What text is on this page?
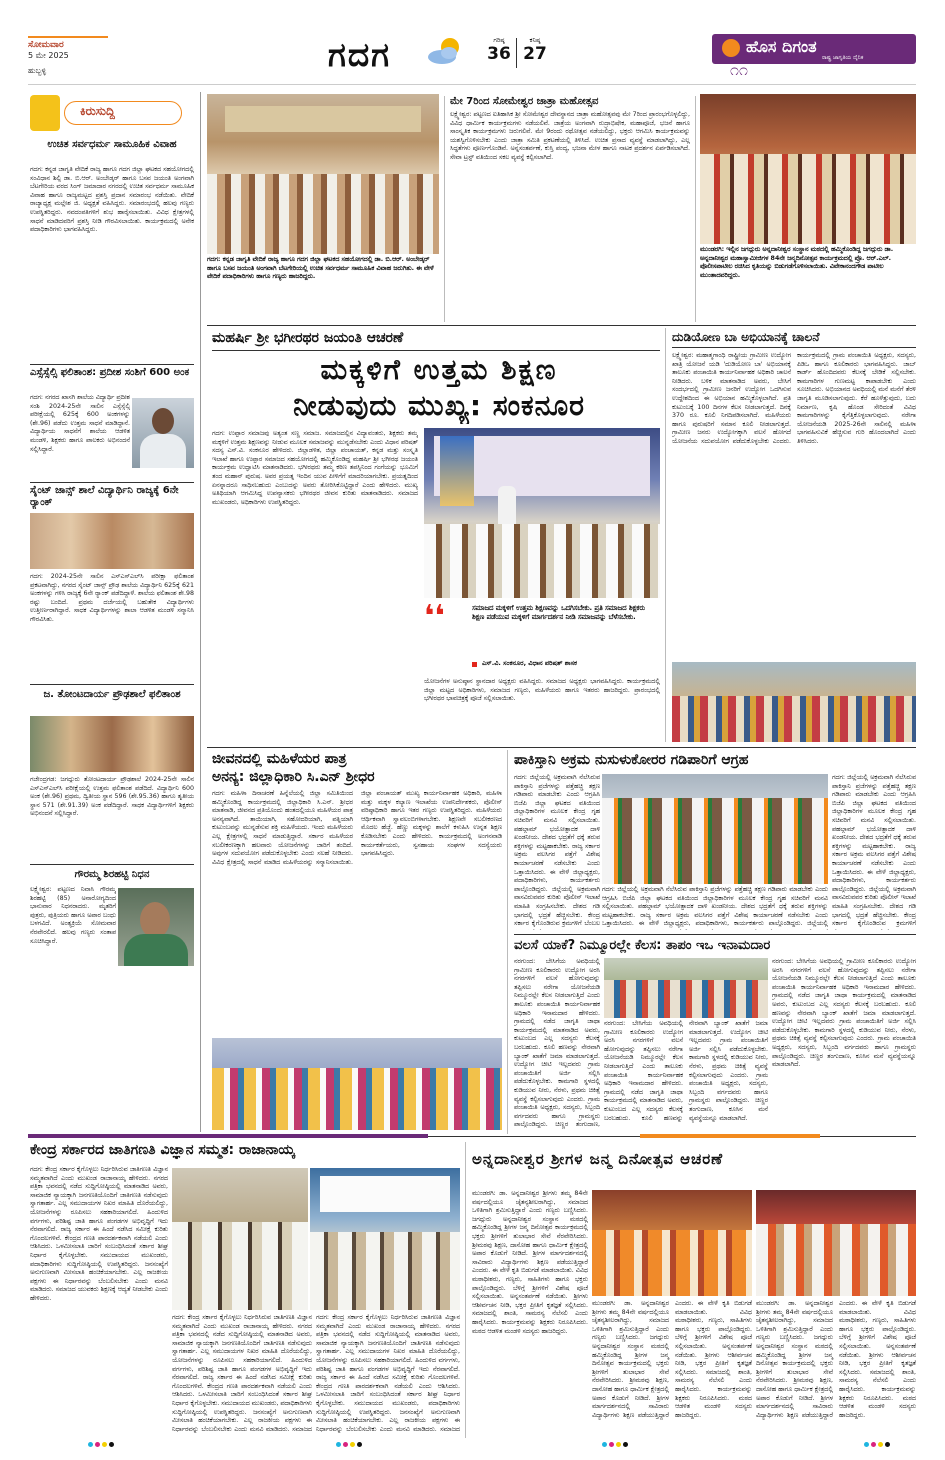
ಸೋಮವಾರ
5 ಮೇ 2025
ಹುಬ್ಬಳ್ಳಿ	ಗದಗ	ಗರಿಷ್ಠ
36
ಕನಿಷ್ಠ
27	ಹೊಸ ದಿಗಂತ
ರಾಷ್ಟ್ರ ಜಾಗೃತಿಯ ದೈನಿಕ
೧೧
ಕಿರುಸುದ್ದಿ
ಉಚಿತ ಸರ್ವಧರ್ಮ ಸಾಮೂಹಿಕ ವಿವಾಹ
ಗದಗ: ಕನ್ನಡ ಜಾಗೃತಿ ವೇದಿಕೆ ರಾಜ್ಯ ಹಾಗೂ ಗದಗ ಜಿಲ್ಲಾ ಘಟಕದ ಸಹಯೋಗದಲ್ಲಿ ಸಂವಿಧಾನ ಶಿಲ್ಪಿ ಡಾ. ಬಿ.ಆರ್. ಅಂಬೇಡ್ಕರ್ ಹಾಗೂ ಬಸವ ಜಯಂತಿ ಅಂಗವಾಗಿ ಬೆಟಗೇರಿಯ ವರದ ಸಿಂಗ್ ಜಮಾದಾರ ನಗರದಲ್ಲಿ ಉಚಿತ ಸರ್ವಧರ್ಮ ಸಾಮೂಹಿಕ ವಿವಾಹ ಹಾಗೂ ರಾಜ್ಯಮಟ್ಟದ ಪ್ರಶಸ್ತಿ ಪ್ರದಾನ ಸಮಾರಂಭ ನಡೆಯಿತು. ವೇದಿಕೆ ರಾಜ್ಯಾಧ್ಯಕ್ಷ ಮಲ್ಲೇಶ ಜಿ. ಅಧ್ಯಕ್ಷತೆ ವಹಿಸಿದ್ದರು. ಸಮಾರಂಭದಲ್ಲಿ ಹಲವು ಗಣ್ಯರು ಉಪಸ್ಥಿತರಿದ್ದರು. ನವದಂಪತಿಗಳಿಗೆ ಶುಭ ಹಾರೈಸಲಾಯಿತು. ವಿವಿಧ ಕ್ಷೇತ್ರಗಳಲ್ಲಿ ಸಾಧನೆ ಮಾಡಿದವರಿಗೆ ಪ್ರಶಸ್ತಿ ನೀಡಿ ಗೌರವಿಸಲಾಯಿತು. ಕಾರ್ಯಕ್ರಮದಲ್ಲಿ ಅನೇಕ ಪದಾಧಿಕಾರಿಗಳು ಭಾಗವಹಿಸಿದ್ದರು.
ಎಸ್ಸೆಸ್ಸೆಲ್ಸಿ ಫಲಿತಾಂಶ: ಪ್ರದೀಶ ಸಂಶಿಗೆ 600 ಅಂಕ
ಗದಗ: ನಗರದ ಖಾಸಗಿ ಶಾಲೆಯ ವಿದ್ಯಾರ್ಥಿ ಪ್ರದೀಶ ಸಂಶಿ 2024-25ನೇ ಸಾಲಿನ ಎಸ್ಸೆಸ್ಸೆಲ್ಸಿ ಪರೀಕ್ಷೆಯಲ್ಲಿ 625ಕ್ಕೆ 600 ಅಂಕಗಳನ್ನು (ಶೇ.96) ಪಡೆದು ಉತ್ತಮ ಸಾಧನೆ ಮಾಡಿದ್ದಾನೆ. ವಿದ್ಯಾರ್ಥಿಯ ಸಾಧನೆಗೆ ಶಾಲೆಯ ಆಡಳಿತ ಮಂಡಳಿ, ಶಿಕ್ಷಕರು ಹಾಗೂ ಪಾಲಕರು ಅಭಿನಂದನೆ ಸಲ್ಲಿಸಿದ್ದಾರೆ.
ಸೈಂಟ್ ಜಾನ್ಸ್ ಶಾಲೆ ವಿದ್ಯಾರ್ಥಿನಿ ರಾಜ್ಯಕ್ಕೆ 6ನೇ ರ್‍ಯಾಂಕ್
ಗದಗ: 2024-25ನೇ ಸಾಲಿನ ಎಸ್ಎಸ್ಎಲ್‌ಸಿ ಪರೀಕ್ಷಾ ಫಲಿತಾಂಶ ಪ್ರಕಟವಾಗಿದ್ದು, ನಗರದ ಸೈಂಟ್ ಜಾನ್ಸ್ ಪ್ರೌಢ ಶಾಲೆಯ ವಿದ್ಯಾರ್ಥಿನಿ 625ಕ್ಕೆ 621 ಅಂಕಗಳನ್ನು ಗಳಿಸಿ ರಾಜ್ಯಕ್ಕೆ 6ನೇ ರ್‍ಯಾಂಕ್ ಪಡೆದಿದ್ದಾಳೆ. ಶಾಲೆಯ ಫಲಿತಾಂಶ ಶೇ.98 ರಷ್ಟು ಬಂದಿದೆ. ಪ್ರಥಮ ದರ್ಜೆಯಲ್ಲಿ ಬಹುತೇಕ ವಿದ್ಯಾರ್ಥಿಗಳು ಉತ್ತೀರ್ಣರಾಗಿದ್ದಾರೆ. ಸಾಧಕ ವಿದ್ಯಾರ್ಥಿಗಳನ್ನು ಶಾಲಾ ಆಡಳಿತ ಮಂಡಳಿ ಸನ್ಮಾನಿಸಿ ಗೌರವಿಸಿತು.
ಜ. ತೋಂಟದಾರ್ಯ ಪ್ರೌಢಶಾಲೆ ಫಲಿತಾಂಶ
ಗಜೇಂದ್ರಗಡ: ಜಗದ್ಗುರು ತೋಂಟದಾರ್ಯ ಪ್ರೌಢಶಾಲೆ 2024-25ನೇ ಸಾಲಿನ ಎಸ್ಎಸ್ಎಲ್‌ಸಿ ಪರೀಕ್ಷೆಯಲ್ಲಿ ಉತ್ತಮ ಫಲಿತಾಂಶ ಪಡೆದಿದೆ. ವಿದ್ಯಾರ್ಥಿನಿ 600 ಅಂಕ (ಶೇ.96) ಪ್ರಥಮ, ದ್ವಿತೀಯ ಸ್ಥಾನ 596 (ಶೇ.95.36) ಹಾಗೂ ತೃತೀಯ ಸ್ಥಾನ 571 (ಶೇ.91.39) ಅಂಕ ಪಡೆದಿದ್ದಾರೆ. ಸಾಧಕ ವಿದ್ಯಾರ್ಥಿಗಳಿಗೆ ಶಿಕ್ಷಕರು ಅಭಿನಂದನೆ ಸಲ್ಲಿಸಿದ್ದಾರೆ.
ಗೌರಮ್ಮ ಶಿರಹಟ್ಟಿ ನಿಧನ
ಲಕ್ಷ್ಮೇಶ್ವರ: ಪಟ್ಟಣದ ನಿವಾಸಿ ಗೌರಮ್ಮ ಶಿರಹಟ್ಟಿ (85) ಅನಾರೋಗ್ಯದಿಂದ ಭಾನುವಾರ ನಿಧನರಾದರು. ಮೃತರಿಗೆ ಪುತ್ರರು, ಪುತ್ರಿಯರು ಹಾಗೂ ಅಪಾರ ಬಂಧು ಬಳಗವಿದೆ. ಅಂತ್ಯಕ್ರಿಯೆ ಸೋಮವಾರ ನೆರವೇರಲಿದೆ. ಹಲವು ಗಣ್ಯರು ಸಂತಾಪ ಸೂಚಿಸಿದ್ದಾರೆ.
ಗದಗ: ಕನ್ನಡ ಜಾಗೃತಿ ವೇದಿಕೆ ರಾಜ್ಯ ಹಾಗೂ ಗದಗ ಜಿಲ್ಲಾ ಘಟಕದ ಸಹಯೋಗದಲ್ಲಿ ಡಾ. ಬಿ.ಆರ್. ಅಂಬೇಡ್ಕರ್ ಹಾಗೂ ಬಸವ ಜಯಂತಿ ಅಂಗವಾಗಿ ಬೆಟಗೇರಿಯಲ್ಲಿ ಉಚಿತ ಸರ್ವಧರ್ಮ ಸಾಮೂಹಿಕ ವಿವಾಹ ಜರುಗಿತು. ಈ ವೇಳೆ ವೇದಿಕೆ ಪದಾಧಿಕಾರಿಗಳು ಹಾಗೂ ಗಣ್ಯರು ಹಾಜರಿದ್ದರು.
ಮೇ 7ರಿಂದ ಸೋಮೇಶ್ವರ ಜಾತ್ರಾ ಮಹೋತ್ಸವ
ಲಕ್ಷ್ಮೇಶ್ವರ: ಪಟ್ಟಣದ ಐತಿಹಾಸಿಕ ಶ್ರೀ ಸೋಮೇಶ್ವರ ದೇವಸ್ಥಾನದ ಜಾತ್ರಾ ಮಹೋತ್ಸವವು ಮೇ 7ರಿಂದ ಪ್ರಾರಂಭಗೊಳ್ಳಲಿದ್ದು, ವಿವಿಧ ಧಾರ್ಮಿಕ ಕಾರ್ಯಕ್ರಮಗಳು ನಡೆಯಲಿವೆ. ಜಾತ್ರೆಯ ಅಂಗವಾಗಿ ರುದ್ರಾಭಿಷೇಕ, ಮಹಾಪೂಜೆ, ಭಜನೆ ಹಾಗೂ ಸಾಂಸ್ಕೃತಿಕ ಕಾರ್ಯಕ್ರಮಗಳು ಜರುಗಲಿವೆ. ಮೇ 9ರಂದು ರಥೋತ್ಸವ ನಡೆಯಲಿದ್ದು, ಭಕ್ತರು ಆಗಮಿಸಿ ಕಾರ್ಯಕ್ರಮವನ್ನು ಯಶಸ್ವಿಗೊಳಿಸಬೇಕು ಎಂದು ಜಾತ್ರಾ ಸಮಿತಿ ಪ್ರಕಟಣೆಯಲ್ಲಿ ತಿಳಿಸಿದೆ. ಉಚಿತ ಪ್ರಸಾದ ವ್ಯವಸ್ಥೆ ಮಾಡಲಾಗಿದ್ದು, ಎಲ್ಲ ಸಿದ್ಧತೆಗಳು ಪೂರ್ಣಗೊಂಡಿವೆ. ಅನ್ನಸಂತರ್ಪಣೆ, ಕುಸ್ತಿ ಪಂದ್ಯ, ಭಜನಾ ಮೇಳ ಹಾಗೂ ನಾಟಕ ಪ್ರದರ್ಶನ ಏರ್ಪಡಿಸಲಾಗಿದೆ. ಸೇವಾ ಟ್ರಸ್ಟ್ ವತಿಯಿಂದ ಸಕಲ ವ್ಯವಸ್ಥೆ ಕಲ್ಪಿಸಲಾಗಿದೆ.
ಮುಂಡರಗಿ: ಇಲ್ಲಿನ ಜಗದ್ಗುರು ಅನ್ನದಾನೀಶ್ವರ ಸಂಸ್ಥಾನ ಮಠದಲ್ಲಿ ಹಮ್ಮಿಕೊಂಡಿದ್ದ ಜಗದ್ಗುರು ಡಾ. ಅನ್ನದಾನೀಶ್ವರ ಮಹಾಸ್ವಾಮೀಜಿಗಳ 84ನೇ ಜನ್ಮದಿನೋತ್ಸವ ಕಾರ್ಯಕ್ರಮದಲ್ಲಿ ಪ್ರೊ. ಆರ್.ಎಲ್. ಪೊಲೀಸಪಾಟೀಲ ರಚಿಸಿದ ಕೃತಿಯನ್ನು ಬಿಡುಗಡೆಗೊಳಿಸಲಾಯಿತು. ವಿವೇಕಾನಂದಗೌಡ ಪಾಟೀಲ ಮುಂತಾದವರಿದ್ದರು.
ಮಹರ್ಷಿ ಶ್ರೀ ಭಗೀರಥರ ಜಯಂತಿ ಆಚರಣೆ
ಮಕ್ಕಳಿಗೆ ಉತ್ತಮ ಶಿಕ್ಷಣ
ನೀಡುವುದು ಮುಖ್ಯ: ಸಂಕನೂರ
ಗದಗ: ಉಪ್ಪಾರ ಸಮಾಜವು ಅತ್ಯಂತ ಸಣ್ಣ ಸಮಾಜ. ಸಮಾಜದಲ್ಲಿನ ವಿದ್ಯಾವಂತರು, ಶಿಕ್ಷಕರು ತಮ್ಮ ಮಕ್ಕಳಿಗೆ ಉತ್ತಮ ಶಿಕ್ಷಣವನ್ನು ನೀಡುವ ಮೂಲಕ ಸಮಾಜವನ್ನು ಮುನ್ನಡೆಸಬೇಕು ಎಂದು ವಿಧಾನ ಪರಿಷತ್ ಸದಸ್ಯ ಎಸ್.ವಿ. ಸಂಕನೂರ ಹೇಳಿದರು. ಜಿಲ್ಲಾಡಳಿತ, ಜಿಲ್ಲಾ ಪಂಚಾಯತ್, ಕನ್ನಡ ಮತ್ತು ಸಂಸ್ಕೃತಿ ಇಲಾಖೆ ಹಾಗೂ ಉಪ್ಪಾರ ಸಮಾಜದ ಸಹಯೋಗದಲ್ಲಿ ಹಮ್ಮಿಕೊಂಡಿದ್ದ ಮಹರ್ಷಿ ಶ್ರೀ ಭಗೀರಥ ಜಯಂತಿ ಕಾರ್ಯಕ್ರಮ ಉದ್ಘಾಟಿಸಿ ಮಾತನಾಡಿದರು. ಭಗೀರಥರು ತಮ್ಮ ಕಠಿಣ ತಪಸ್ಸಿನಿಂದ ಗಂಗೆಯನ್ನು ಭೂಮಿಗೆ ತಂದ ಮಹಾನ್ ಪುರುಷ. ಅವರ ಪ್ರಯತ್ನ ಇಂದಿನ ಯುವ ಪೀಳಿಗೆಗೆ ಮಾದರಿಯಾಗಬೇಕು. ಪ್ರಯತ್ನದಿಂದ ಏನನ್ನಾದರೂ ಸಾಧಿಸಬಹುದು ಎಂಬುದನ್ನು ಅವರು ತೋರಿಸಿಕೊಟ್ಟಿದ್ದಾರೆ ಎಂದು ಹೇಳಿದರು. ಮುಖ್ಯ ಅತಿಥಿಯಾಗಿ ಆಗಮಿಸಿದ್ದ ಉಪನ್ಯಾಸಕರು ಭಗೀರಥರ ಜೀವನ ಕುರಿತು ಮಾತನಾಡಿದರು. ಸಮಾಜದ ಮುಖಂಡರು, ಅಧಿಕಾರಿಗಳು ಉಪಸ್ಥಿತರಿದ್ದರು.
❛❛	ಸಮಾಜದ ಮಕ್ಕಳಿಗೆ ಉತ್ತಮ ಶಿಕ್ಷಣವನ್ನು ಒದಗಿಸಬೇಕು. ಪ್ರತಿ ಸಮಾಜದ ಶಿಕ್ಷಕರು ಶಿಕ್ಷಣ ಪಡೆಯುವ ಮಕ್ಕಳಿಗೆ ಮಾರ್ಗದರ್ಶನ ನೀಡಿ ಸಮಾಜವನ್ನು ಬೆಳೆಸಬೇಕು.
ಎಸ್.ವಿ. ಸಂಕನೂರ, ವಿಧಾನ ಪರಿಷತ್ ಶಾಸಕ
ಯೋಜನೆಗಳ ಅನುಷ್ಠಾನ ಸ್ಥಾನದಾರ ಅಧ್ಯಕ್ಷರು ವಹಿಸಿದ್ದರು. ಸಮಾಜದ ಅಧ್ಯಕ್ಷರು ಭಾಗವಹಿಸಿದ್ದರು. ಕಾರ್ಯಕ್ರಮದಲ್ಲಿ ಜಿಲ್ಲಾ ಮಟ್ಟದ ಅಧಿಕಾರಿಗಳು, ಸಮಾಜದ ಗಣ್ಯರು, ಮಹಿಳೆಯರು ಹಾಗೂ ಇತರರು ಹಾಜರಿದ್ದರು. ಪ್ರಾರಂಭದಲ್ಲಿ ಭಗೀರಥರ ಭಾವಚಿತ್ರಕ್ಕೆ ಪೂಜೆ ಸಲ್ಲಿಸಲಾಯಿತು.
ದುಡಿಯೋಣ ಬಾ ಅಭಿಯಾನಕ್ಕೆ ಚಾಲನೆ
ಲಕ್ಷ್ಮೇಶ್ವರ: ಮಹಾತ್ಮಗಾಂಧಿ ರಾಷ್ಟ್ರೀಯ ಗ್ರಾಮೀಣ ಉದ್ಯೋಗ ಖಾತ್ರಿ ಯೋಜನೆ ಯಡಿ 'ದುಡಿಯೋಣ ಬಾ' ಅಭಿಯಾನಕ್ಕೆ ತಾಲೂಕು ಪಂಚಾಯಿತಿ ಕಾರ್ಯನಿರ್ವಾಹಕ ಅಧಿಕಾರಿ ಚಾಲನೆ ನೀಡಿದರು. ಬಳಿಕ ಮಾತನಾಡಿದ ಅವರು, ಬೇಸಿಗೆ ಸಂದರ್ಭದಲ್ಲಿ ಗ್ರಾಮೀಣ ಜನರಿಗೆ ಉದ್ಯೋಗ ಒದಗಿಸುವ ಉದ್ದೇಶದಿಂದ ಈ ಅಭಿಯಾನ ಹಮ್ಮಿಕೊಳ್ಳಲಾಗಿದೆ. ಪ್ರತಿ ಕುಟುಂಬಕ್ಕೆ 100 ದಿನಗಳ ಕೆಲಸ ನೀಡಲಾಗುತ್ತದೆ. ದಿನಕ್ಕೆ 370 ರೂ. ಕೂಲಿ ನಿಗದಿಪಡಿಸಲಾಗಿದೆ. ಮಹಿಳೆಯರು ಹಾಗೂ ಪುರುಷರಿಗೆ ಸಮಾನ ಕೂಲಿ ನೀಡಲಾಗುತ್ತದೆ. ಗ್ರಾಮೀಣ ಜನರು ಉದ್ಯೋಗಕ್ಕಾಗಿ ವಲಸೆ ಹೋಗದೆ ಯೋಜನೆಯ ಸದುಪಯೋಗ ಪಡೆದುಕೊಳ್ಳಬೇಕು ಎಂದರು. ಕಾರ್ಯಕ್ರಮದಲ್ಲಿ ಗ್ರಾಮ ಪಂಚಾಯಿತಿ ಅಧ್ಯಕ್ಷರು, ಸದಸ್ಯರು, ಪಿಡಿಒ ಹಾಗೂ ಕೂಲಿಕಾರರು ಭಾಗವಹಿಸಿದ್ದರು. ಜಾಬ್ ಕಾರ್ಡ್ ಹೊಂದಿದವರು ಕೆಲಸಕ್ಕೆ ಬೇಡಿಕೆ ಸಲ್ಲಿಸಬೇಕು. ಕಾಮಗಾರಿಗಳ ಗುಣಮಟ್ಟ ಕಾಪಾಡಬೇಕು ಎಂದು ಸೂಚಿಸಿದರು. ಅಭಿಯಾನದ ಅವಧಿಯಲ್ಲಿ ಮನೆ ಮನೆಗೆ ತೆರಳಿ ಜಾಗೃತಿ ಮೂಡಿಸಲಾಗುವುದು. ಕೆರೆ ಹೂಳೆತ್ತುವುದು, ಬದು ನಿರ್ಮಾಣ, ಕೃಷಿ ಹೊಂಡ ಸೇರಿದಂತೆ ವಿವಿಧ ಕಾಮಗಾರಿಗಳನ್ನು ಕೈಗೆತ್ತಿಕೊಳ್ಳಲಾಗುವುದು. ನರೇಗಾ ಯೋಜನೆಯಡಿ 2025-26ನೇ ಸಾಲಿನಲ್ಲಿ ಮಹಿಳಾ ಭಾಗವಹಿಸುವಿಕೆ ಹೆಚ್ಚಿಸುವ ಗುರಿ ಹೊಂದಲಾಗಿದೆ ಎಂದು ತಿಳಿಸಿದರು.
ಜೀವನದಲ್ಲಿ ಮಹಿಳೆಯರ ಪಾತ್ರ
ಅನನ್ಯ: ಜಿಲ್ಲಾಧಿಕಾರಿ ಸಿ.ಎನ್ ಶ್ರೀಧರ
ಗದಗ: ಮಹಿಳಾ ದಿನಾಚರಣೆ ಹಿನ್ನೆಲೆಯಲ್ಲಿ ಜಿಲ್ಲಾ ಸಮಿತಿಯಿಂದ ಹಮ್ಮಿಕೊಂಡಿದ್ದ ಕಾರ್ಯಕ್ರಮದಲ್ಲಿ ಜಿಲ್ಲಾಧಿಕಾರಿ ಸಿ.ಎನ್. ಶ್ರೀಧರ ಮಾತನಾಡಿ, ಜೀವನದ ಪ್ರತಿಯೊಂದು ಹಂತದಲ್ಲಿಯೂ ಮಹಿಳೆಯರ ಪಾತ್ರ ಅನನ್ಯವಾಗಿದೆ. ತಾಯಿಯಾಗಿ, ಸಹೋದರಿಯಾಗಿ, ಪತ್ನಿಯಾಗಿ ಕುಟುಂಬವನ್ನು ಮುನ್ನಡೆಸುವ ಶಕ್ತಿ ಮಹಿಳೆಯದು. ಇಂದು ಮಹಿಳೆಯರು ಎಲ್ಲ ಕ್ಷೇತ್ರಗಳಲ್ಲಿ ಸಾಧನೆ ಮಾಡುತ್ತಿದ್ದಾರೆ. ಸರ್ಕಾರ ಮಹಿಳೆಯರ ಸಬಲೀಕರಣಕ್ಕಾಗಿ ಹಲವಾರು ಯೋಜನೆಗಳನ್ನು ಜಾರಿಗೆ ತಂದಿದೆ. ಅವುಗಳ ಸದುಪಯೋಗ ಪಡೆದುಕೊಳ್ಳಬೇಕು ಎಂದು ಸಲಹೆ ನೀಡಿದರು. ವಿವಿಧ ಕ್ಷೇತ್ರದಲ್ಲಿ ಸಾಧನೆ ಮಾಡಿದ ಮಹಿಳೆಯರನ್ನು ಸನ್ಮಾನಿಸಲಾಯಿತು. ಜಿಲ್ಲಾ ಪಂಚಾಯತ್ ಮುಖ್ಯ ಕಾರ್ಯನಿರ್ವಾಹಕ ಅಧಿಕಾರಿ, ಮಹಿಳಾ ಮತ್ತು ಮಕ್ಕಳ ಕಲ್ಯಾಣ ಇಲಾಖೆಯ ಉಪನಿರ್ದೇಶಕರು, ಪೊಲೀಸ್ ವರಿಷ್ಠಾಧಿಕಾರಿ ಹಾಗೂ ಇತರ ಗಣ್ಯರು ಉಪಸ್ಥಿತರಿದ್ದರು. ಮಹಿಳೆಯರು ಆರ್ಥಿಕವಾಗಿ ಸ್ವಾವಲಂಬಿಗಳಾಗಬೇಕು. ಶಿಕ್ಷಣವೇ ಸಬಲೀಕರಣದ ಮೊದಲ ಹೆಜ್ಜೆ. ಹೆಣ್ಣು ಮಕ್ಕಳನ್ನು ಶಾಲೆಗೆ ಕಳುಹಿಸಿ ಉನ್ನತ ಶಿಕ್ಷಣ ಕೊಡಿಸಬೇಕು ಎಂದು ಹೇಳಿದರು. ಕಾರ್ಯಕ್ರಮದಲ್ಲಿ ಅಂಗನವಾಡಿ ಕಾರ್ಯಕರ್ತೆಯರು, ಸ್ವಸಹಾಯ ಸಂಘಗಳ ಸದಸ್ಯೆಯರು ಭಾಗವಹಿಸಿದ್ದರು.
ಪಾಕಿಸ್ತಾನಿ ಅಕ್ರಮ ನುಸುಳುಕೋರರ ಗಡಿಪಾರಿಗೆ ಆಗ್ರಹ
ಗದಗ: ಜಿಲ್ಲೆಯಲ್ಲಿ ಅಕ್ರಮವಾಗಿ ನೆಲೆಸಿರುವ ಪಾಕಿಸ್ತಾನಿ ಪ್ರಜೆಗಳನ್ನು ಪತ್ತೆಹಚ್ಚಿ ತಕ್ಷಣ ಗಡಿಪಾರು ಮಾಡಬೇಕು ಎಂದು ಆಗ್ರಹಿಸಿ ಬಿಜೆಪಿ ಜಿಲ್ಲಾ ಘಟಕದ ವತಿಯಿಂದ ಜಿಲ್ಲಾಧಿಕಾರಿಗಳ ಮೂಲಕ ಕೇಂದ್ರ ಗೃಹ ಸಚಿವರಿಗೆ ಮನವಿ ಸಲ್ಲಿಸಲಾಯಿತು. ಪಹಲ್ಗಾಮ್ ಭಯೋತ್ಪಾದಕ ದಾಳಿ ಖಂಡನೀಯ. ದೇಶದ ಭದ್ರತೆಗೆ ಧಕ್ಕೆ ತರುವ ಶಕ್ತಿಗಳನ್ನು ಮಟ್ಟಹಾಕಬೇಕು. ರಾಜ್ಯ ಸರ್ಕಾರ ಅಕ್ರಮ ವಲಸಿಗರ ಪತ್ತೆಗೆ ವಿಶೇಷ ಕಾರ್ಯಾಚರಣೆ ನಡೆಸಬೇಕು ಎಂದು ಒತ್ತಾಯಿಸಿದರು. ಈ ವೇಳೆ ಜಿಲ್ಲಾಧ್ಯಕ್ಷರು, ಪದಾಧಿಕಾರಿಗಳು, ಕಾರ್ಯಕರ್ತರು ಪಾಲ್ಗೊಂಡಿದ್ದರು. ಜಿಲ್ಲೆಯಲ್ಲಿ ಅಕ್ರಮವಾಗಿ ವಾಸವಿರುವವರ ಕುರಿತು ಪೊಲೀಸ್ ಇಲಾಖೆ ಮಾಹಿತಿ ಸಂಗ್ರಹಿಸಬೇಕು. ದೇಶದ ಗಡಿ ಭಾಗದಲ್ಲಿ ಭದ್ರತೆ ಹೆಚ್ಚಿಸಬೇಕು. ಕೇಂದ್ರ ಸರ್ಕಾರ ಕೈಗೊಂಡಿರುವ ಕ್ರಮಗಳಿಗೆ ಬೆಂಬಲ
ಗದಗ: ಜಿಲ್ಲೆಯಲ್ಲಿ ಅಕ್ರಮವಾಗಿ ನೆಲೆಸಿರುವ ಪಾಕಿಸ್ತಾನಿ ಪ್ರಜೆಗಳನ್ನು ಪತ್ತೆಹಚ್ಚಿ ತಕ್ಷಣ ಗಡಿಪಾರು ಮಾಡಬೇಕು ಎಂದು ಆಗ್ರಹಿಸಿ ಬಿಜೆಪಿ ಜಿಲ್ಲಾ ಘಟಕದ ವತಿಯಿಂದ ಜಿಲ್ಲಾಧಿಕಾರಿಗಳ ಮೂಲಕ ಕೇಂದ್ರ ಗೃಹ ಸಚಿವರಿಗೆ ಮನವಿ ಸಲ್ಲಿಸಲಾಯಿತು. ಪಹಲ್ಗಾಮ್ ಭಯೋತ್ಪಾದಕ ದಾಳಿ ಖಂಡನೀಯ. ದೇಶದ ಭದ್ರತೆಗೆ ಧಕ್ಕೆ ತರುವ ಶಕ್ತಿಗಳನ್ನು ಮಟ್ಟಹಾಕಬೇಕು. ರಾಜ್ಯ ಸರ್ಕಾರ ಅಕ್ರಮ ವಲಸಿಗರ ಪತ್ತೆಗೆ ವಿಶೇಷ ಕಾರ್ಯಾಚರಣೆ ನಡೆಸಬೇಕು ಎಂದು ಒತ್ತಾಯಿಸಿದರು. ಈ ವೇಳೆ ಜಿಲ್ಲಾಧ್ಯಕ್ಷರು, ಪದಾಧಿಕಾರಿಗಳು, ಕಾರ್ಯಕರ್ತರು ಪಾಲ್ಗೊಂಡಿದ್ದರು. ಜಿಲ್ಲೆಯಲ್ಲಿ
ಗದಗ: ಜಿಲ್ಲೆಯಲ್ಲಿ ಅಕ್ರಮವಾಗಿ ನೆಲೆಸಿರುವ ಪಾಕಿಸ್ತಾನಿ ಪ್ರಜೆಗಳನ್ನು ಪತ್ತೆಹಚ್ಚಿ ತಕ್ಷಣ ಗಡಿಪಾರು ಮಾಡಬೇಕು ಎಂದು ಆಗ್ರಹಿಸಿ ಬಿಜೆಪಿ ಜಿಲ್ಲಾ ಘಟಕದ ವತಿಯಿಂದ ಜಿಲ್ಲಾಧಿಕಾರಿಗಳ ಮೂಲಕ ಕೇಂದ್ರ ಗೃಹ ಸಚಿವರಿಗೆ ಮನವಿ ಸಲ್ಲಿಸಲಾಯಿತು. ಪಹಲ್ಗಾಮ್ ಭಯೋತ್ಪಾದಕ ದಾಳಿ ಖಂಡನೀಯ. ದೇಶದ ಭದ್ರತೆಗೆ ಧಕ್ಕೆ ತರುವ ಶಕ್ತಿಗಳನ್ನು ಮಟ್ಟಹಾಕಬೇಕು. ರಾಜ್ಯ ಸರ್ಕಾರ ಅಕ್ರಮ ವಲಸಿಗರ ಪತ್ತೆಗೆ ವಿಶೇಷ ಕಾರ್ಯಾಚರಣೆ ನಡೆಸಬೇಕು ಎಂದು ಒತ್ತಾಯಿಸಿದರು. ಈ ವೇಳೆ ಜಿಲ್ಲಾಧ್ಯಕ್ಷರು, ಪದಾಧಿಕಾರಿಗಳು, ಕಾರ್ಯಕರ್ತರು ಪಾಲ್ಗೊಂಡಿದ್ದರು. ಜಿಲ್ಲೆಯಲ್ಲಿ ಅಕ್ರಮವಾಗಿ ವಾಸವಿರುವವರ ಕುರಿತು ಪೊಲೀಸ್ ಇಲಾಖೆ ಮಾಹಿತಿ ಸಂಗ್ರಹಿಸಬೇಕು. ದೇಶದ ಗಡಿ ಭಾಗದಲ್ಲಿ ಭದ್ರತೆ ಹೆಚ್ಚಿಸಬೇಕು. ಕೇಂದ್ರ ಸರ್ಕಾರ ಕೈಗೊಂಡಿರುವ ಕ್ರಮಗಳಿಗೆ
ವಲಸೆ ಯಾಕೆ? ನಿಮ್ಮೂರಲ್ಲೇ ಕೆಲಸ: ತಾಪಂ ಇಒ ಇನಾಮದಾರ
ನರಗುಂದ: ಬೇಸಿಗೆಯ ಅವಧಿಯಲ್ಲಿ ಗ್ರಾಮೀಣ ಕೂಲಿಕಾರರು ಉದ್ಯೋಗ ಅರಸಿ ನಗರಗಳಿಗೆ ವಲಸೆ ಹೋಗುವುದನ್ನು ತಪ್ಪಿಸಲು ನರೇಗಾ ಯೋಜನೆಯಡಿ ನಿಮ್ಮೂರಲ್ಲೇ ಕೆಲಸ ನೀಡಲಾಗುತ್ತಿದೆ ಎಂದು ತಾಲೂಕು ಪಂಚಾಯಿತಿ ಕಾರ್ಯನಿರ್ವಾಹಕ ಅಧಿಕಾರಿ ಇನಾಮದಾರ ಹೇಳಿದರು. ಗ್ರಾಮದಲ್ಲಿ ನಡೆದ ಜಾಗೃತಿ ಜಾಥಾ ಕಾರ್ಯಕ್ರಮದಲ್ಲಿ ಮಾತನಾಡಿದ ಅವರು, ಕುಟುಂಬದ ಎಲ್ಲ ಸದಸ್ಯರು ಕೆಲಸಕ್ಕೆ ಬರಬಹುದು. ಕೂಲಿ ಹಣವನ್ನು ನೇರವಾಗಿ ಬ್ಯಾಂಕ್ ಖಾತೆಗೆ ಜಮಾ ಮಾಡಲಾಗುತ್ತದೆ. ಉದ್ಯೋಗ ಚೀಟಿ ಇಲ್ಲದವರು ಗ್ರಾಮ ಪಂಚಾಯಿತಿಗೆ ಅರ್ಜಿ ಸಲ್ಲಿಸಿ ಪಡೆದುಕೊಳ್ಳಬೇಕು. ಕಾಮಗಾರಿ ಸ್ಥಳದಲ್ಲಿ ಕುಡಿಯುವ ನೀರು, ನೆರಳು, ಪ್ರಥಮ ಚಿಕಿತ್ಸೆ ವ್ಯವಸ್ಥೆ ಕಲ್ಪಿಸಲಾಗುವುದು ಎಂದರು. ಗ್ರಾಮ ಪಂಚಾಯಿತಿ ಅಧ್ಯಕ್ಷರು, ಸದಸ್ಯರು, ಸಿಬ್ಬಂದಿ ವರ್ಗದವರು ಹಾಗೂ ಗ್ರಾಮಸ್ಥರು ಪಾಲ್ಗೊಂಡಿದ್ದರು. ಚಿಣ್ಣರ ತಂಗುದಾಣ,
ನರಗುಂದ: ಬೇಸಿಗೆಯ ಅವಧಿಯಲ್ಲಿ ಗ್ರಾಮೀಣ ಕೂಲಿಕಾರರು ಉದ್ಯೋಗ ಅರಸಿ ನಗರಗಳಿಗೆ ವಲಸೆ ಹೋಗುವುದನ್ನು ತಪ್ಪಿಸಲು ನರೇಗಾ ಯೋಜನೆಯಡಿ ನಿಮ್ಮೂರಲ್ಲೇ ಕೆಲಸ ನೀಡಲಾಗುತ್ತಿದೆ ಎಂದು ತಾಲೂಕು ಪಂಚಾಯಿತಿ ಕಾರ್ಯನಿರ್ವಾಹಕ ಅಧಿಕಾರಿ ಇನಾಮದಾರ ಹೇಳಿದರು. ಗ್ರಾಮದಲ್ಲಿ ನಡೆದ ಜಾಗೃತಿ ಜಾಥಾ ಕಾರ್ಯಕ್ರಮದಲ್ಲಿ ಮಾತನಾಡಿದ ಅವರು, ಕುಟುಂಬದ ಎಲ್ಲ ಸದಸ್ಯರು ಕೆಲಸಕ್ಕೆ ಬರಬಹುದು. ಕೂಲಿ ಹಣವನ್ನು ನೇರವಾಗಿ ಬ್ಯಾಂಕ್ ಖಾತೆಗೆ ಜಮಾ ಮಾಡಲಾಗುತ್ತದೆ. ಉದ್ಯೋಗ ಚೀಟಿ ಇಲ್ಲದವರು ಗ್ರಾಮ ಪಂಚಾಯಿತಿಗೆ ಅರ್ಜಿ ಸಲ್ಲಿಸಿ ಪಡೆದುಕೊಳ್ಳಬೇಕು. ಕಾಮಗಾರಿ ಸ್ಥಳದಲ್ಲಿ ಕುಡಿಯುವ ನೀರು, ನೆರಳು, ಪ್ರಥಮ ಚಿಕಿತ್ಸೆ ವ್ಯವಸ್ಥೆ ಕಲ್ಪಿಸಲಾಗುವುದು ಎಂದರು. ಗ್ರಾಮ ಪಂಚಾಯಿತಿ ಅಧ್ಯಕ್ಷರು, ಸದಸ್ಯರು, ಸಿಬ್ಬಂದಿ ವರ್ಗದವರು ಹಾಗೂ ಗ್ರಾಮಸ್ಥರು ಪಾಲ್ಗೊಂಡಿದ್ದರು. ಚಿಣ್ಣರ ತಂಗುದಾಣ, ಕೂಸಿನ ಮನೆ ವ್ಯವಸ್ಥೆಯನ್ನೂ ಮಾಡಲಾಗಿದೆ.
ನರಗುಂದ: ಬೇಸಿಗೆಯ ಅವಧಿಯಲ್ಲಿ ಗ್ರಾಮೀಣ ಕೂಲಿಕಾರರು ಉದ್ಯೋಗ ಅರಸಿ ನಗರಗಳಿಗೆ ವಲಸೆ ಹೋಗುವುದನ್ನು ತಪ್ಪಿಸಲು ನರೇಗಾ ಯೋಜನೆಯಡಿ ನಿಮ್ಮೂರಲ್ಲೇ ಕೆಲಸ ನೀಡಲಾಗುತ್ತಿದೆ ಎಂದು ತಾಲೂಕು ಪಂಚಾಯಿತಿ ಕಾರ್ಯನಿರ್ವಾಹಕ ಅಧಿಕಾರಿ ಇನಾಮದಾರ ಹೇಳಿದರು. ಗ್ರಾಮದಲ್ಲಿ ನಡೆದ ಜಾಗೃತಿ ಜಾಥಾ ಕಾರ್ಯಕ್ರಮದಲ್ಲಿ ಮಾತನಾಡಿದ ಅವರು, ಕುಟುಂಬದ ಎಲ್ಲ ಸದಸ್ಯರು ಕೆಲಸಕ್ಕೆ ಬರಬಹುದು. ಕೂಲಿ ಹಣವನ್ನು ನೇರವಾಗಿ ಬ್ಯಾಂಕ್ ಖಾತೆಗೆ ಜಮಾ ಮಾಡಲಾಗುತ್ತದೆ. ಉದ್ಯೋಗ ಚೀಟಿ ಇಲ್ಲದವರು ಗ್ರಾಮ ಪಂಚಾಯಿತಿಗೆ ಅರ್ಜಿ ಸಲ್ಲಿಸಿ ಪಡೆದುಕೊಳ್ಳಬೇಕು. ಕಾಮಗಾರಿ ಸ್ಥಳದಲ್ಲಿ ಕುಡಿಯುವ ನೀರು, ನೆರಳು, ಪ್ರಥಮ ಚಿಕಿತ್ಸೆ ವ್ಯವಸ್ಥೆ ಕಲ್ಪಿಸಲಾಗುವುದು ಎಂದರು. ಗ್ರಾಮ ಪಂಚಾಯಿತಿ ಅಧ್ಯಕ್ಷರು, ಸದಸ್ಯರು, ಸಿಬ್ಬಂದಿ ವರ್ಗದವರು ಹಾಗೂ ಗ್ರಾಮಸ್ಥರು ಪಾಲ್ಗೊಂಡಿದ್ದರು. ಚಿಣ್ಣರ ತಂಗುದಾಣ, ಕೂಸಿನ ಮನೆ ವ್ಯವಸ್ಥೆಯನ್ನೂ ಮಾಡಲಾಗಿದೆ.
ಕೇಂದ್ರ ಸರ್ಕಾರದ ಜಾತಿಗಣತಿ ವಿಜ್ಞಾನ ಸಮ್ಮತ: ರಾಜಾನಾಯ್ಕ
ಗದಗ: ಕೇಂದ್ರ ಸರ್ಕಾರ ಕೈಗೊಳ್ಳಲು ನಿರ್ಧರಿಸಿರುವ ಜಾತಿಗಣತಿ ವಿಜ್ಞಾನ ಸಮ್ಮತವಾಗಿದೆ ಎಂದು ಮುಖಂಡ ರಾಜಾನಾಯ್ಕ ಹೇಳಿದರು. ನಗರದ ಪತ್ರಿಕಾ ಭವನದಲ್ಲಿ ನಡೆದ ಸುದ್ದಿಗೋಷ್ಠಿಯಲ್ಲಿ ಮಾತನಾಡಿದ ಅವರು, ಸಾಮಾಜಿಕ ನ್ಯಾಯಕ್ಕಾಗಿ ಜನಗಣತಿಯೊಂದಿಗೆ ಜಾತಿಗಣತಿ ನಡೆಸುವುದು ಸ್ವಾಗತಾರ್ಹ. ಎಲ್ಲ ಸಮುದಾಯಗಳ ನಿಖರ ಮಾಹಿತಿ ದೊರೆಯಲಿದ್ದು, ಯೋಜನೆಗಳನ್ನು ರೂಪಿಸಲು ಸಹಕಾರಿಯಾಗಲಿದೆ. ಹಿಂದುಳಿದ ವರ್ಗಗಳು, ಪರಿಶಿಷ್ಟ ಜಾತಿ ಹಾಗೂ ಪಂಗಡಗಳ ಅಭಿವೃದ್ಧಿಗೆ ಇದು ನೆರವಾಗಲಿದೆ. ರಾಜ್ಯ ಸರ್ಕಾರ ಈ ಹಿಂದೆ ನಡೆಸಿದ ಸಮೀಕ್ಷೆ ಕುರಿತು ಗೊಂದಲಗಳಿವೆ. ಕೇಂದ್ರದ ಗಣತಿ ಪಾರದರ್ಶಕವಾಗಿ ನಡೆಯಲಿ ಎಂದು ಆಶಿಸಿದರು. ಒಳಮೀಸಲಾತಿ ಜಾರಿಗೆ ಸಂಬಂಧಿಸಿದಂತೆ ಸರ್ಕಾರ ಶೀಘ್ರ ನಿರ್ಧಾರ ಕೈಗೊಳ್ಳಬೇಕು. ಸಮುದಾಯದ ಮುಖಂಡರು, ಪದಾಧಿಕಾರಿಗಳು ಸುದ್ದಿಗೋಷ್ಠಿಯಲ್ಲಿ ಉಪಸ್ಥಿತರಿದ್ದರು. ಜನಸಂಖ್ಯೆಗೆ ಅನುಗುಣವಾಗಿ ಮೀಸಲಾತಿ ಹಂಚಿಕೆಯಾಗಬೇಕು. ಎಲ್ಲ ರಾಜಕೀಯ ಪಕ್ಷಗಳು ಈ ನಿರ್ಧಾರವನ್ನು ಬೆಂಬಲಿಸಬೇಕು ಎಂದು ಮನವಿ ಮಾಡಿದರು. ಸಮಾಜದ ಯುವಕರು ಶಿಕ್ಷಣಕ್ಕೆ ಆದ್ಯತೆ ನೀಡಬೇಕು ಎಂದು ಹೇಳಿದರು.
ಗದಗ: ಕೇಂದ್ರ ಸರ್ಕಾರ ಕೈಗೊಳ್ಳಲು ನಿರ್ಧರಿಸಿರುವ ಜಾತಿಗಣತಿ ವಿಜ್ಞಾನ ಸಮ್ಮತವಾಗಿದೆ ಎಂದು ಮುಖಂಡ ರಾಜಾನಾಯ್ಕ ಹೇಳಿದರು. ನಗರದ ಪತ್ರಿಕಾ ಭವನದಲ್ಲಿ ನಡೆದ ಸುದ್ದಿಗೋಷ್ಠಿಯಲ್ಲಿ ಮಾತನಾಡಿದ ಅವರು, ಸಾಮಾಜಿಕ ನ್ಯಾಯಕ್ಕಾಗಿ ಜನಗಣತಿಯೊಂದಿಗೆ ಜಾತಿಗಣತಿ ನಡೆಸುವುದು ಸ್ವಾಗತಾರ್ಹ. ಎಲ್ಲ ಸಮುದಾಯಗಳ ನಿಖರ ಮಾಹಿತಿ ದೊರೆಯಲಿದ್ದು, ಯೋಜನೆಗಳನ್ನು ರೂಪಿಸಲು ಸಹಕಾರಿಯಾಗಲಿದೆ. ಹಿಂದುಳಿದ ವರ್ಗಗಳು, ಪರಿಶಿಷ್ಟ ಜಾತಿ ಹಾಗೂ ಪಂಗಡಗಳ ಅಭಿವೃದ್ಧಿಗೆ ಇದು ನೆರವಾಗಲಿದೆ. ರಾಜ್ಯ ಸರ್ಕಾರ ಈ ಹಿಂದೆ ನಡೆಸಿದ ಸಮೀಕ್ಷೆ ಕುರಿತು ಗೊಂದಲಗಳಿವೆ. ಕೇಂದ್ರದ ಗಣತಿ ಪಾರದರ್ಶಕವಾಗಿ ನಡೆಯಲಿ ಎಂದು ಆಶಿಸಿದರು. ಒಳಮೀಸಲಾತಿ ಜಾರಿಗೆ ಸಂಬಂಧಿಸಿದಂತೆ ಸರ್ಕಾರ ಶೀಘ್ರ ನಿರ್ಧಾರ ಕೈಗೊಳ್ಳಬೇಕು. ಸಮುದಾಯದ ಮುಖಂಡರು, ಪದಾಧಿಕಾರಿಗಳು ಸುದ್ದಿಗೋಷ್ಠಿಯಲ್ಲಿ ಉಪಸ್ಥಿತರಿದ್ದರು. ಜನಸಂಖ್ಯೆಗೆ ಅನುಗುಣವಾಗಿ ಮೀಸಲಾತಿ ಹಂಚಿಕೆಯಾಗಬೇಕು. ಎಲ್ಲ ರಾಜಕೀಯ ಪಕ್ಷಗಳು ಈ ನಿರ್ಧಾರವನ್ನು ಬೆಂಬಲಿಸಬೇಕು ಎಂದು ಮನವಿ ಮಾಡಿದರು. ಸಮಾಜದ
ಗದಗ: ಕೇಂದ್ರ ಸರ್ಕಾರ ಕೈಗೊಳ್ಳಲು ನಿರ್ಧರಿಸಿರುವ ಜಾತಿಗಣತಿ ವಿಜ್ಞಾನ ಸಮ್ಮತವಾಗಿದೆ ಎಂದು ಮುಖಂಡ ರಾಜಾನಾಯ್ಕ ಹೇಳಿದರು. ನಗರದ ಪತ್ರಿಕಾ ಭವನದಲ್ಲಿ ನಡೆದ ಸುದ್ದಿಗೋಷ್ಠಿಯಲ್ಲಿ ಮಾತನಾಡಿದ ಅವರು, ಸಾಮಾಜಿಕ ನ್ಯಾಯಕ್ಕಾಗಿ ಜನಗಣತಿಯೊಂದಿಗೆ ಜಾತಿಗಣತಿ ನಡೆಸುವುದು ಸ್ವಾಗತಾರ್ಹ. ಎಲ್ಲ ಸಮುದಾಯಗಳ ನಿಖರ ಮಾಹಿತಿ ದೊರೆಯಲಿದ್ದು, ಯೋಜನೆಗಳನ್ನು ರೂಪಿಸಲು ಸಹಕಾರಿಯಾಗಲಿದೆ. ಹಿಂದುಳಿದ ವರ್ಗಗಳು, ಪರಿಶಿಷ್ಟ ಜಾತಿ ಹಾಗೂ ಪಂಗಡಗಳ ಅಭಿವೃದ್ಧಿಗೆ ಇದು ನೆರವಾಗಲಿದೆ. ರಾಜ್ಯ ಸರ್ಕಾರ ಈ ಹಿಂದೆ ನಡೆಸಿದ ಸಮೀಕ್ಷೆ ಕುರಿತು ಗೊಂದಲಗಳಿವೆ. ಕೇಂದ್ರದ ಗಣತಿ ಪಾರದರ್ಶಕವಾಗಿ ನಡೆಯಲಿ ಎಂದು ಆಶಿಸಿದರು. ಒಳಮೀಸಲಾತಿ ಜಾರಿಗೆ ಸಂಬಂಧಿಸಿದಂತೆ ಸರ್ಕಾರ ಶೀಘ್ರ ನಿರ್ಧಾರ ಕೈಗೊಳ್ಳಬೇಕು. ಸಮುದಾಯದ ಮುಖಂಡರು, ಪದಾಧಿಕಾರಿಗಳು ಸುದ್ದಿಗೋಷ್ಠಿಯಲ್ಲಿ ಉಪಸ್ಥಿತರಿದ್ದರು. ಜನಸಂಖ್ಯೆಗೆ ಅನುಗುಣವಾಗಿ ಮೀಸಲಾತಿ ಹಂಚಿಕೆಯಾಗಬೇಕು. ಎಲ್ಲ ರಾಜಕೀಯ ಪಕ್ಷಗಳು ಈ ನಿರ್ಧಾರವನ್ನು ಬೆಂಬಲಿಸಬೇಕು ಎಂದು ಮನವಿ ಮಾಡಿದರು. ಸಮಾಜದ
ಅನ್ನದಾನೀಶ್ವರ ಶ್ರೀಗಳ ಜನ್ಮ ದಿನೋತ್ಸವ ಆಚರಣೆ
ಮುಂಡರಗಿ: ಡಾ. ಅನ್ನದಾನೀಶ್ವರ ಶ್ರೀಗಳು ತಮ್ಮ 84ನೇ ವರ್ಷದಲ್ಲಿಯೂ ಚೈತನ್ಯಶೀಲರಾಗಿದ್ದು, ಸಮಾಜದ ಒಳಿತಿಗಾಗಿ ಶ್ರಮಿಸುತ್ತಿದ್ದಾರೆ ಎಂದು ಗಣ್ಯರು ಬಣ್ಣಿಸಿದರು. ಜಗದ್ಗುರು ಅನ್ನದಾನೀಶ್ವರ ಸಂಸ್ಥಾನ ಮಠದಲ್ಲಿ ಹಮ್ಮಿಕೊಂಡಿದ್ದ ಶ್ರೀಗಳ ಜನ್ಮ ದಿನೋತ್ಸವ ಕಾರ್ಯಕ್ರಮದಲ್ಲಿ ಭಕ್ತರು ಶ್ರೀಗಳಿಗೆ ತುಲಾಭಾರ ಸೇವೆ ನೆರವೇರಿಸಿದರು. ಶ್ರೀಮಠವು ಶಿಕ್ಷಣ, ದಾಸೋಹ ಹಾಗೂ ಧಾರ್ಮಿಕ ಕ್ಷೇತ್ರದಲ್ಲಿ ಅಪಾರ ಕೊಡುಗೆ ನೀಡಿದೆ. ಶ್ರೀಗಳ ಮಾರ್ಗದರ್ಶನದಲ್ಲಿ ಸಾವಿರಾರು ವಿದ್ಯಾರ್ಥಿಗಳು ಶಿಕ್ಷಣ ಪಡೆಯುತ್ತಿದ್ದಾರೆ ಎಂದರು. ಈ ವೇಳೆ ಕೃತಿ ಬಿಡುಗಡೆ ಮಾಡಲಾಯಿತು. ವಿವಿಧ ಮಠಾಧೀಶರು, ಗಣ್ಯರು, ಸಾಹಿತಿಗಳು ಹಾಗೂ ಭಕ್ತರು ಪಾಲ್ಗೊಂಡಿದ್ದರು. ಬೆಳಿಗ್ಗೆ ಶ್ರೀಗಳಿಗೆ ವಿಶೇಷ ಪೂಜೆ ಸಲ್ಲಿಸಲಾಯಿತು. ಅನ್ನಸಂತರ್ಪಣೆ ನಡೆಯಿತು. ಶ್ರೀಗಳು ಆಶೀರ್ವಚನ ನೀಡಿ, ಭಕ್ತರ ಪ್ರೀತಿಗೆ ಕೃತಜ್ಞತೆ ಸಲ್ಲಿಸಿದರು. ಸಮಾಜದಲ್ಲಿ ಶಾಂತಿ, ಸಾಮರಸ್ಯ ನೆಲೆಸಲಿ ಎಂದು ಹಾರೈಸಿದರು. ಕಾರ್ಯಕ್ರಮವನ್ನು ಶಿಕ್ಷಕರು ನಿರೂಪಿಸಿದರು. ಮಠದ ಆಡಳಿತ ಮಂಡಳಿ ಸದಸ್ಯರು ಹಾಜರಿದ್ದರು.
ಮುಂಡರಗಿ: ಡಾ. ಅನ್ನದಾನೀಶ್ವರ ಶ್ರೀಗಳು ತಮ್ಮ 84ನೇ ವರ್ಷದಲ್ಲಿಯೂ ಚೈತನ್ಯಶೀಲರಾಗಿದ್ದು, ಸಮಾಜದ ಒಳಿತಿಗಾಗಿ ಶ್ರಮಿಸುತ್ತಿದ್ದಾರೆ ಎಂದು ಗಣ್ಯರು ಬಣ್ಣಿಸಿದರು. ಜಗದ್ಗುರು ಅನ್ನದಾನೀಶ್ವರ ಸಂಸ್ಥಾನ ಮಠದಲ್ಲಿ ಹಮ್ಮಿಕೊಂಡಿದ್ದ ಶ್ರೀಗಳ ಜನ್ಮ ದಿನೋತ್ಸವ ಕಾರ್ಯಕ್ರಮದಲ್ಲಿ ಭಕ್ತರು ಶ್ರೀಗಳಿಗೆ ತುಲಾಭಾರ ಸೇವೆ ನೆರವೇರಿಸಿದರು. ಶ್ರೀಮಠವು ಶಿಕ್ಷಣ, ದಾಸೋಹ ಹಾಗೂ ಧಾರ್ಮಿಕ ಕ್ಷೇತ್ರದಲ್ಲಿ ಅಪಾರ ಕೊಡುಗೆ ನೀಡಿದೆ. ಶ್ರೀಗಳ ಮಾರ್ಗದರ್ಶನದಲ್ಲಿ ಸಾವಿರಾರು ವಿದ್ಯಾರ್ಥಿಗಳು ಶಿಕ್ಷಣ ಪಡೆಯುತ್ತಿದ್ದಾರೆ ಎಂದರು. ಈ ವೇಳೆ ಕೃತಿ ಬಿಡುಗಡೆ ಮಾಡಲಾಯಿತು. ವಿವಿಧ ಮಠಾಧೀಶರು, ಗಣ್ಯರು, ಸಾಹಿತಿಗಳು ಹಾಗೂ ಭಕ್ತರು ಪಾಲ್ಗೊಂಡಿದ್ದರು. ಬೆಳಿಗ್ಗೆ ಶ್ರೀಗಳಿಗೆ ವಿಶೇಷ ಪೂಜೆ ಸಲ್ಲಿಸಲಾಯಿತು. ಅನ್ನಸಂತರ್ಪಣೆ ನಡೆಯಿತು. ಶ್ರೀಗಳು ಆಶೀರ್ವಚನ ನೀಡಿ, ಭಕ್ತರ ಪ್ರೀತಿಗೆ ಕೃತಜ್ಞತೆ ಸಲ್ಲಿಸಿದರು. ಸಮಾಜದಲ್ಲಿ ಶಾಂತಿ, ಸಾಮರಸ್ಯ ನೆಲೆಸಲಿ ಎಂದು ಹಾರೈಸಿದರು. ಕಾರ್ಯಕ್ರಮವನ್ನು ಶಿಕ್ಷಕರು ನಿರೂಪಿಸಿದರು. ಮಠದ ಆಡಳಿತ ಮಂಡಳಿ ಸದಸ್ಯರು ಹಾಜರಿದ್ದರು.
ಮುಂಡರಗಿ: ಡಾ. ಅನ್ನದಾನೀಶ್ವರ ಶ್ರೀಗಳು ತಮ್ಮ 84ನೇ ವರ್ಷದಲ್ಲಿಯೂ ಚೈತನ್ಯಶೀಲರಾಗಿದ್ದು, ಸಮಾಜದ ಒಳಿತಿಗಾಗಿ ಶ್ರಮಿಸುತ್ತಿದ್ದಾರೆ ಎಂದು ಗಣ್ಯರು ಬಣ್ಣಿಸಿದರು. ಜಗದ್ಗುರು ಅನ್ನದಾನೀಶ್ವರ ಸಂಸ್ಥಾನ ಮಠದಲ್ಲಿ ಹಮ್ಮಿಕೊಂಡಿದ್ದ ಶ್ರೀಗಳ ಜನ್ಮ ದಿನೋತ್ಸವ ಕಾರ್ಯಕ್ರಮದಲ್ಲಿ ಭಕ್ತರು ಶ್ರೀಗಳಿಗೆ ತುಲಾಭಾರ ಸೇವೆ ನೆರವೇರಿಸಿದರು. ಶ್ರೀಮಠವು ಶಿಕ್ಷಣ, ದಾಸೋಹ ಹಾಗೂ ಧಾರ್ಮಿಕ ಕ್ಷೇತ್ರದಲ್ಲಿ ಅಪಾರ ಕೊಡುಗೆ ನೀಡಿದೆ. ಶ್ರೀಗಳ ಮಾರ್ಗದರ್ಶನದಲ್ಲಿ ಸಾವಿರಾರು ವಿದ್ಯಾರ್ಥಿಗಳು ಶಿಕ್ಷಣ ಪಡೆಯುತ್ತಿದ್ದಾರೆ ಎಂದರು. ಈ ವೇಳೆ ಕೃತಿ ಬಿಡುಗಡೆ ಮಾಡಲಾಯಿತು. ವಿವಿಧ ಮಠಾಧೀಶರು, ಗಣ್ಯರು, ಸಾಹಿತಿಗಳು ಹಾಗೂ ಭಕ್ತರು ಪಾಲ್ಗೊಂಡಿದ್ದರು. ಬೆಳಿಗ್ಗೆ ಶ್ರೀಗಳಿಗೆ ವಿಶೇಷ ಪೂಜೆ ಸಲ್ಲಿಸಲಾಯಿತು. ಅನ್ನಸಂತರ್ಪಣೆ ನಡೆಯಿತು. ಶ್ರೀಗಳು ಆಶೀರ್ವಚನ ನೀಡಿ, ಭಕ್ತರ ಪ್ರೀತಿಗೆ ಕೃತಜ್ಞತೆ ಸಲ್ಲಿಸಿದರು. ಸಮಾಜದಲ್ಲಿ ಶಾಂತಿ, ಸಾಮರಸ್ಯ ನೆಲೆಸಲಿ ಎಂದು ಹಾರೈಸಿದರು. ಕಾರ್ಯಕ್ರಮವನ್ನು ಶಿಕ್ಷಕರು ನಿರೂಪಿಸಿದರು. ಮಠದ ಆಡಳಿತ ಮಂಡಳಿ ಸದಸ್ಯರು ಹಾಜರಿದ್ದರು.
